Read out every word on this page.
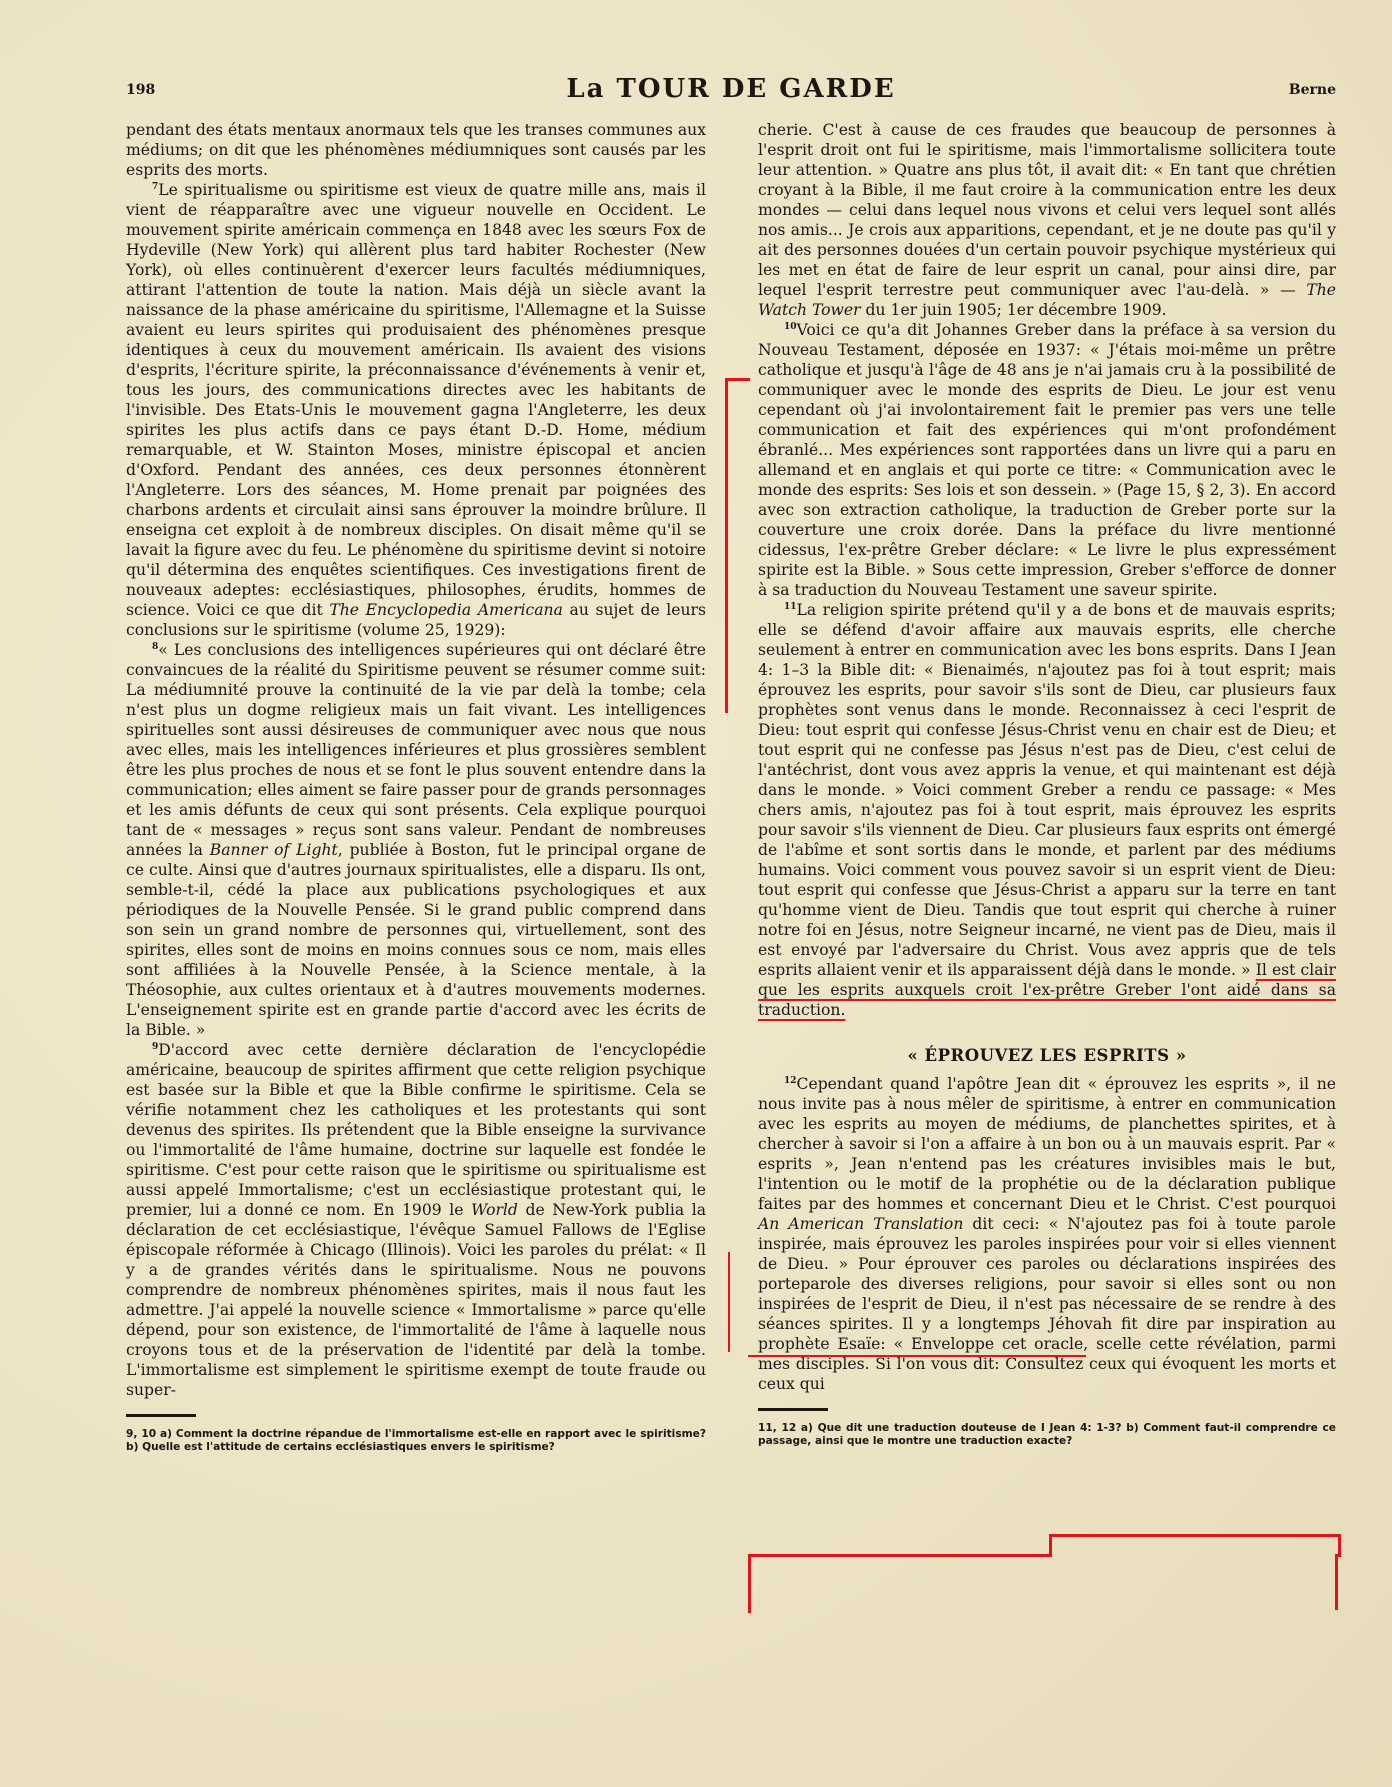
198	La TOUR DE GARDE	Berne

pendant des états mentaux anormaux tels que les transes communes aux médiums; on dit que les phénomènes médiumniques sont causés par les esprits des morts.

$^7$Le spiritualisme ou spiritisme est vieux de quatre mille ans, mais il vient de réapparaître avec une vigueur nouvelle en Occident. Le mouvement spirite américain commença en 1848 avec les sœurs Fox de Hydeville (New York) qui allèrent plus tard habiter Rochester (New York), où elles continuèrent d'exercer leurs facultés médiumniques, attirant l'attention de toute la nation. Mais déjà un siècle avant la naissance de la phase américaine du spiritisme, l'Allemagne et la Suisse avaient eu leurs spirites qui produisaient des phénomènes presque identiques à ceux du mouvement américain. Ils avaient des visions d'esprits, l'écriture spirite, la préconnaissance d'événements à venir et, tous les jours, des communications directes avec les habitants de l'invisible. Des Etats-Unis le mouvement gagna l'Angleterre, les deux spirites les plus actifs dans ce pays étant D.-D. Home, médium remarquable, et W. Stainton Moses, ministre épiscopal et ancien d'Oxford. Pendant des années, ces deux personnes étonnèrent l'Angleterre. Lors des séances, M. Home prenait par poignées des charbons ardents et circulait ainsi sans éprouver la moindre brûlure. Il enseigna cet exploit à de nombreux disciples. On disait même qu'il se lavait la figure avec du feu. Le phénomène du spiritisme devint si notoire qu'il détermina des enquêtes scientifiques. Ces investigations firent de nouveaux adeptes: ecclésiastiques, philosophes, érudits, hommes de science. Voici ce que dit The Encyclopedia Americana au sujet de leurs conclusions sur le spiritisme (volume 25, 1929):

$^8$« Les conclusions des intelligences supérieures qui ont déclaré être convaincues de la réalité du Spiritisme peuvent se résumer comme suit: La médiumnité prouve la continuité de la vie par delà la tombe; cela n'est plus un dogme religieux mais un fait vivant. Les intelligences spirituelles sont aussi désireuses de communiquer avec nous que nous avec elles, mais les intelligences inférieures et plus grossières semblent être les plus proches de nous et se font le plus souvent entendre dans la communication; elles aiment se faire passer pour de grands personnages et les amis défunts de ceux qui sont présents. Cela explique pourquoi tant de « messages » reçus sont sans valeur. Pendant de nombreuses années la Banner of Light, publiée à Boston, fut le principal organe de ce culte. Ainsi que d'autres journaux spiritualistes, elle a disparu. Ils ont, semble-t-il, cédé la place aux publications psychologiques et aux périodiques de la Nouvelle Pensée. Si le grand public comprend dans son sein un grand nombre de personnes qui, virtuellement, sont des spirites, elles sont de moins en moins connues sous ce nom, mais elles sont affiliées à la Nouvelle Pensée, à la Science mentale, à la Théosophie, aux cultes orientaux et à d'autres mouvements modernes. L'enseignement spirite est en grande partie d'accord avec les écrits de la Bible. »

$^9$D'accord avec cette dernière déclaration de l'encyclopédie américaine, beaucoup de spirites affirment que cette religion psychique est basée sur la Bible et que la Bible confirme le spiritisme. Cela se vérifie notamment chez les catholiques et les protestants qui sont devenus des spirites. Ils prétendent que la Bible enseigne la survivance ou l'immortalité de l'âme humaine, doctrine sur laquelle est fondée le spiritisme. C'est pour cette raison que le spiritisme ou spiritualisme est aussi appelé Immortalisme; c'est un ecclésiastique protestant qui, le premier, lui a donné ce nom. En 1909 le World de New-York publia la déclaration de cet ecclésiastique, l'évêque Samuel Fallows de l'Eglise épiscopale réformée à Chicago (Illinois). Voici les paroles du prélat: « Il y a de grandes vérités dans le spiritualisme. Nous ne pouvons comprendre de nombreux phénomènes spirites, mais il nous faut les admettre. J'ai appelé la nouvelle science « Immortalisme » parce qu'elle dépend, pour son existence, de l'immortalité de l'âme à laquelle nous croyons tous et de la préservation de l'identité par delà la tombe. L'immortalisme est simplement le spiritisme exempt de toute fraude ou super-

9, 10 a) Comment la doctrine répandue de l'immortalisme est-elle en rapport avec le spiritisme? b) Quelle est l'attitude de certains ecclésiastiques envers le spiritisme?

cherie. C'est à cause de ces fraudes que beaucoup de personnes à l'esprit droit ont fui le spiritisme, mais l'immortalisme sollicitera toute leur attention. » Quatre ans plus tôt, il avait dit: « En tant que chrétien croyant à la Bible, il me faut croire à la communication entre les deux mondes — celui dans lequel nous vivons et celui vers lequel sont allés nos amis... Je crois aux apparitions, cependant, et je ne doute pas qu'il y ait des personnes douées d'un certain pouvoir psychique mystérieux qui les met en état de faire de leur esprit un canal, pour ainsi dire, par lequel l'esprit terrestre peut communiquer avec l'au-delà. » — The Watch Tower du 1er juin 1905; 1er décembre 1909.

$^{10}$Voici ce qu'a dit Johannes Greber dans la préface à sa version du Nouveau Testament, déposée en 1937: « J'étais moi-même un prêtre catholique et jusqu'à l'âge de 48 ans je n'ai jamais cru à la possibilité de communiquer avec le monde des esprits de Dieu. Le jour est venu cependant où j'ai involontairement fait le premier pas vers une telle communication et fait des expériences qui m'ont profondément ébranlé... Mes expériences sont rapportées dans un livre qui a paru en allemand et en anglais et qui porte ce titre: « Communication avec le monde des esprits: Ses lois et son dessein. » (Page 15, § 2, 3). En accord avec son extraction catholique, la traduction de Greber porte sur la couverture une croix dorée. Dans la préface du livre mentionné cidessus, l'ex-prêtre Greber déclare: « Le livre le plus expressément spirite est la Bible. » Sous cette impression, Greber s'efforce de donner à sa traduction du Nouveau Testament une saveur spirite.

$^{11}$La religion spirite prétend qu'il y a de bons et de mauvais esprits; elle se défend d'avoir affaire aux mauvais esprits, elle cherche seulement à entrer en communication avec les bons esprits. Dans I Jean 4: 1–3 la Bible dit: « Bienaimés, n'ajoutez pas foi à tout esprit; mais éprouvez les esprits, pour savoir s'ils sont de Dieu, car plusieurs faux prophètes sont venus dans le monde. Reconnaissez à ceci l'esprit de Dieu: tout esprit qui confesse Jésus-Christ venu en chair est de Dieu; et tout esprit qui ne confesse pas Jésus n'est pas de Dieu, c'est celui de l'antéchrist, dont vous avez appris la venue, et qui maintenant est déjà dans le monde. » Voici comment Greber a rendu ce passage: « Mes chers amis, n'ajoutez pas foi à tout esprit, mais éprouvez les esprits pour savoir s'ils viennent de Dieu. Car plusieurs faux esprits ont émergé de l'abîme et sont sortis dans le monde, et parlent par des médiums humains. Voici comment vous pouvez savoir si un esprit vient de Dieu: tout esprit qui confesse que Jésus-Christ a apparu sur la terre en tant qu'homme vient de Dieu. Tandis que tout esprit qui cherche à ruiner notre foi en Jésus, notre Seigneur incarné, ne vient pas de Dieu, mais il est envoyé par l'adversaire du Christ. Vous avez appris que de tels esprits allaient venir et ils apparaissent déjà dans le monde. » Il est clair que les esprits auxquels croit l'ex-prêtre Greber l'ont aidé dans sa traduction.

« ÉPROUVEZ LES ESPRITS »

$^{12}$Cependant quand l'apôtre Jean dit « éprouvez les esprits », il ne nous invite pas à nous mêler de spiritisme, à entrer en communication avec les esprits au moyen de médiums, de planchettes spirites, et à chercher à savoir si l'on a affaire à un bon ou à un mauvais esprit. Par « esprits », Jean n'entend pas les créatures invisibles mais le but, l'intention ou le motif de la prophétie ou de la déclaration publique faites par des hommes et concernant Dieu et le Christ. C'est pourquoi An American Translation dit ceci: « N'ajoutez pas foi à toute parole inspirée, mais éprouvez les paroles inspirées pour voir si elles viennent de Dieu. » Pour éprouver ces paroles ou déclarations inspirées des porteparole des diverses religions, pour savoir si elles sont ou non inspirées de l'esprit de Dieu, il n'est pas nécessaire de se rendre à des séances spirites. Il y a longtemps Jéhovah fit dire par inspiration au prophète Esaïe: « Enveloppe cet oracle, scelle cette révélation, parmi mes disciples. Si l'on vous dit: Consultez ceux qui évoquent les morts et ceux qui

11, 12 a) Que dit une traduction douteuse de I Jean 4: 1-3? b) Comment faut-il comprendre ce passage, ainsi que le montre une traduction exacte?
